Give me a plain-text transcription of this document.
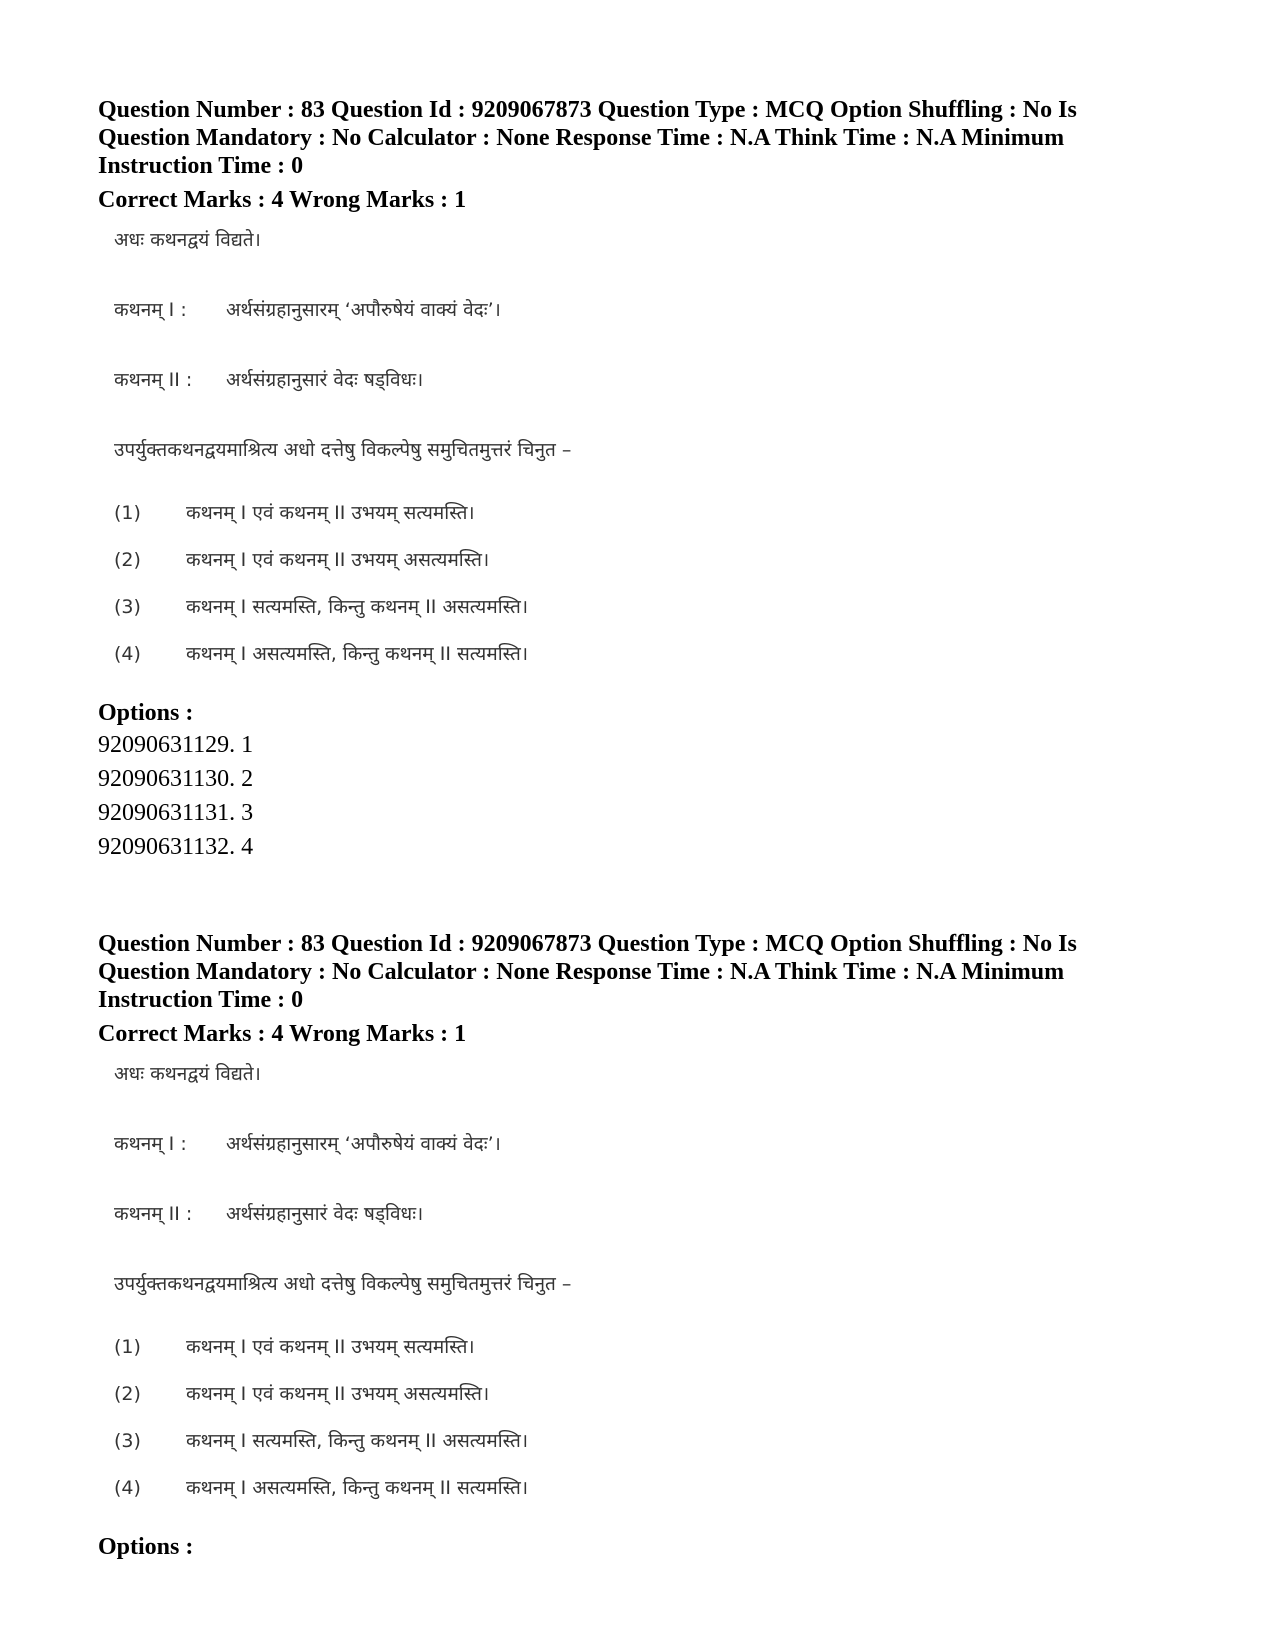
Question Number : 83 Question Id : 9209067873 Question Type : MCQ Option Shuffling : No Is
Question Mandatory : No Calculator : None Response Time : N.A Think Time : N.A Minimum
Instruction Time : 0

Correct Marks : 4 Wrong Marks : 1

अधः कथनद्वयं विद्यते।
कथनम् I : अर्थसंग्रहानुसारम् ‘अपौरुषेयं वाक्यं वेदः’।
कथनम् II : अर्थसंग्रहानुसारं वेदः षड्विधः।
उपर्युक्तकथनद्वयमाश्रित्य अधो दत्तेषु विकल्पेषु समुचितमुत्तरं चिनुत –
(1) कथनम् I एवं कथनम् II उभयम् सत्यमस्ति।
(2) कथनम् I एवं कथनम् II उभयम् असत्यमस्ति।
(3) कथनम् I सत्यमस्ति, किन्तु कथनम् II असत्यमस्ति।
(4) कथनम् I असत्यमस्ति, किन्तु कथनम् II सत्यमस्ति।
Options :
92090631129. 1
92090631130. 2
92090631131. 3
92090631132. 4

Question Number : 83 Question Id : 9209067873 Question Type : MCQ Option Shuffling : No Is
Question Mandatory : No Calculator : None Response Time : N.A Think Time : N.A Minimum
Instruction Time : 0

Correct Marks : 4 Wrong Marks : 1

अधः कथनद्वयं विद्यते।
कथनम् I : अर्थसंग्रहानुसारम् ‘अपौरुषेयं वाक्यं वेदः’।
कथनम् II : अर्थसंग्रहानुसारं वेदः षड्विधः।
उपर्युक्तकथनद्वयमाश्रित्य अधो दत्तेषु विकल्पेषु समुचितमुत्तरं चिनुत –
(1) कथनम् I एवं कथनम् II उभयम् सत्यमस्ति।
(2) कथनम् I एवं कथनम् II उभयम् असत्यमस्ति।
(3) कथनम् I सत्यमस्ति, किन्तु कथनम् II असत्यमस्ति।
(4) कथनम् I असत्यमस्ति, किन्तु कथनम् II सत्यमस्ति।
Options :
